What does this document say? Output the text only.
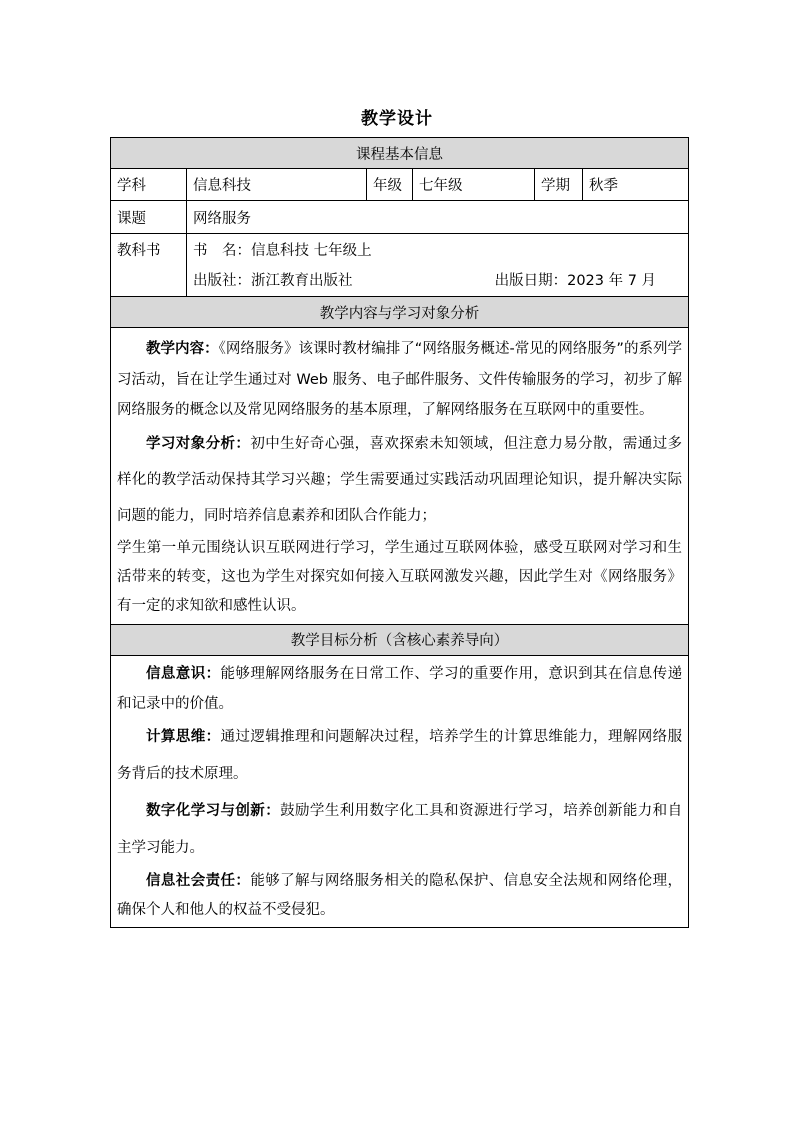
教学设计
课程基本信息					
学科	信息科技	年级	七年级	学期	秋季
课题	网络服务				

教科书	书　名：信息科技 七年级上
出版社：浙江教育出版社 出版日期：2023 年 7 月				

教学内容与学习对象分析					

教学内容：《网络服务》该课时教材编排了“网络服务概述-常见的网络服务”的系列学习活动，旨在让学生通过对 Web 服务、电子邮件服务、文件传输服务的学习，初步了解网络服务的概念以及常见网络服务的基本原理，了解网络服务在互联网中的重要性。

学习对象分析：初中生好奇心强，喜欢探索未知领域，但注意力易分散，需通过多样化的教学活动保持其学习兴趣；学生需要通过实践活动巩固理论知识，提升解决实际问题的能力，同时培养信息素养和团队合作能力；

学生第一单元围绕认识互联网进行学习，学生通过互联网体验，感受互联网对学习和生活带来的转变，这也为学生对探究如何接入互联网激发兴趣，因此学生对《网络服务》有一定的求知欲和感性认识。					

教学目标分析（含核心素养导向）					

信息意识：能够理解网络服务在日常工作、学习的重要作用，意识到其在信息传递和记录中的价值。

计算思维：通过逻辑推理和问题解决过程，培养学生的计算思维能力，理解网络服务背后的技术原理。

数字化学习与创新：鼓励学生利用数字化工具和资源进行学习，培养创新能力和自主学习能力。

信息社会责任：能够了解与网络服务相关的隐私保护、信息安全法规和网络伦理，确保个人和他人的权益不受侵犯。					
